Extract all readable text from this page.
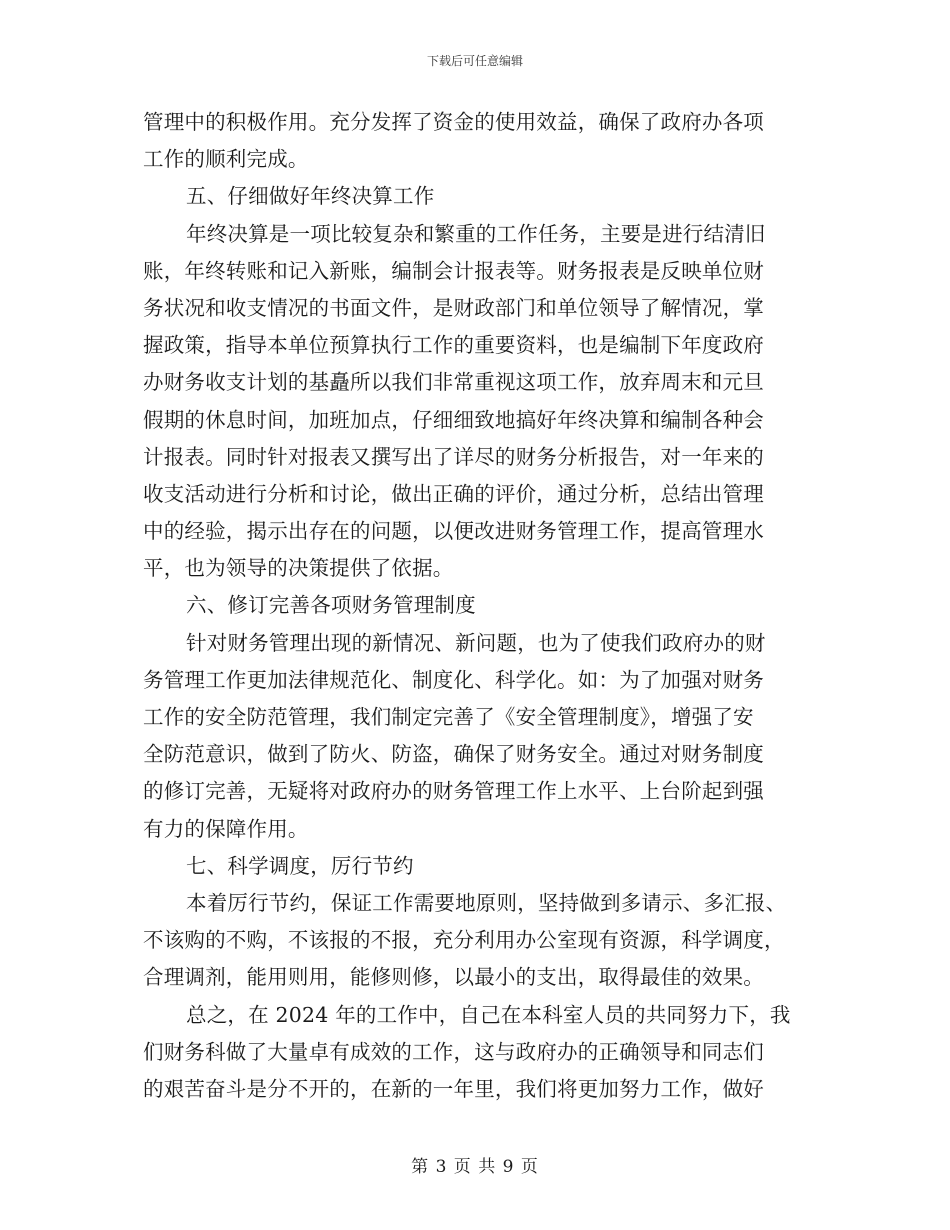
下载后可任意编辑
管理中的积极作用。充分发挥了资金的使用效益，确保了政府办各项
工作的顺利完成。
五、仔细做好年终决算工作
年终决算是一项比较复杂和繁重的工作任务，主要是进行结清旧
账，年终转账和记入新账，编制会计报表等。财务报表是反映单位财
务状况和收支情况的书面文件，是财政部门和单位领导了解情况，掌
握政策，指导本单位预算执行工作的重要资料，也是编制下年度政府
办财务收支计划的基矗所以我们非常重视这项工作，放弃周末和元旦
假期的休息时间，加班加点，仔细细致地搞好年终决算和编制各种会
计报表。同时针对报表又撰写出了详尽的财务分析报告，对一年来的
收支活动进行分析和讨论，做出正确的评价，通过分析，总结出管理
中的经验，揭示出存在的问题，以便改进财务管理工作，提高管理水
平，也为领导的决策提供了依据。
六、修订完善各项财务管理制度
针对财务管理出现的新情况、新问题，也为了使我们政府办的财
务管理工作更加法律规范化、制度化、科学化。如：为了加强对财务
工作的安全防范管理，我们制定完善了《安全管理制度》，增强了安
全防范意识，做到了防火、防盗，确保了财务安全。通过对财务制度
的修订完善，无疑将对政府办的财务管理工作上水平、上台阶起到强
有力的保障作用。
七、科学调度，厉行节约
本着厉行节约，保证工作需要地原则，坚持做到多请示、多汇报、
不该购的不购，不该报的不报，充分利用办公室现有资源，科学调度，
合理调剂，能用则用，能修则修，以最小的支出，取得最佳的效果。
总之，在 2024 年的工作中，自己在本科室人员的共同努力下，我
们财务科做了大量卓有成效的工作，这与政府办的正确领导和同志们
的艰苦奋斗是分不开的，在新的一年里，我们将更加努力工作，做好
第 3 页 共 9 页
